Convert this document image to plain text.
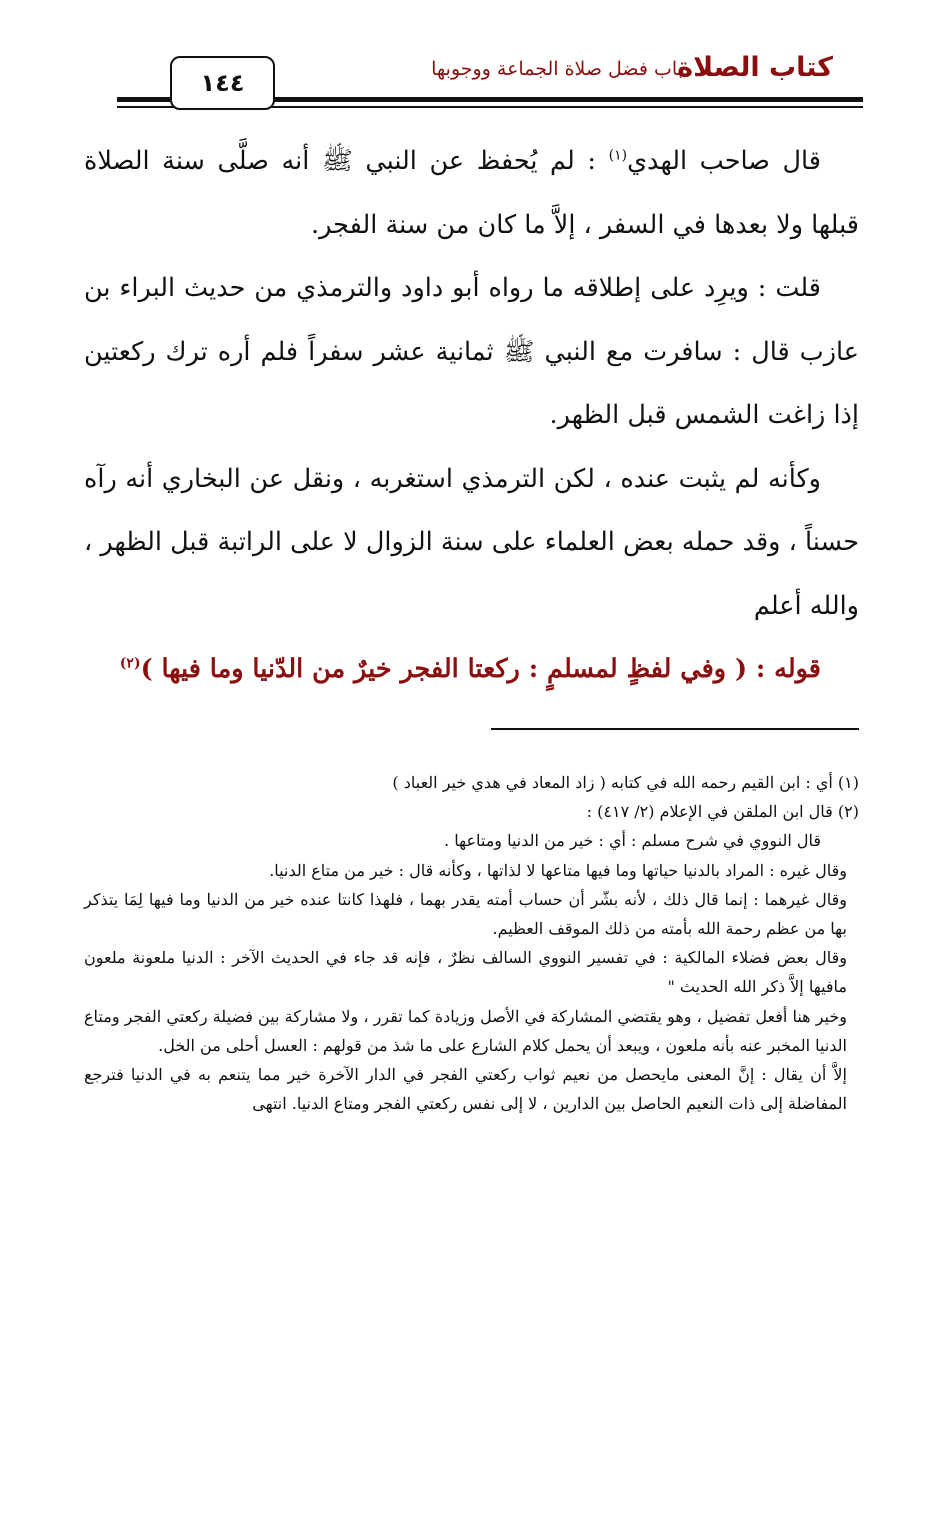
كتاب الصلاة
باب فضل صلاة الجماعة ووجوبها
١٤٤

قال صاحب الهدي$^{(١)}$ : لم يُحفظ عن النبي ﷺ أنه صلَّى سنة الصلاة قبلها ولا بعدها في السفر ، إلاَّ ما كان من سنة الفجر.

قلت : ويرِد على إطلاقه ما رواه أبو داود والترمذي من حديث البراء بن عازب قال : سافرت مع النبي ﷺ ثمانية عشر سفراً فلم أره ترك ركعتين إذا زاغت الشمس قبل الظهر.

وكأنه لم يثبت عنده ، لكن الترمذي استغربه ، ونقل عن البخاري أنه رآه حسناً ، وقد حمله بعض العلماء على سنة الزوال لا على الراتبة قبل الظهر ، والله أعلم

قوله : ( وفي لفظٍ لمسلمٍ : ركعتا الفجر خيرٌ من الدّنيا وما فيها )$^{(٢)}$

(١) أي : ابن القيم رحمه الله في كتابه ( زاد المعاد في هدي خير العباد )

(٢) قال ابن الملقن في الإعلام (٢/ ٤١٧) :

قال النووي في شرح مسلم : أي : خير من الدنيا ومتاعها .

وقال غيره : المراد بالدنيا حياتها وما فيها متاعها لا لذاتها ، وكأنه قال : خير من متاع الدنيا.

وقال غيرهما : إنما قال ذلك ، لأنه بشّر أن حساب أمته يقدر بهما ، فلهذا كانتا عنده خير من الدنيا وما فيها لِمَا يتذكر بها من عظم رحمة الله بأمته من ذلك الموقف العظيم.

وقال بعض فضلاء المالكية : في تفسير النووي السالف نظرٌ ، فإنه قد جاء في الحديث الآخر : الدنيا ملعونة ملعون مافيها إلاَّ ذكر الله الحديث "

وخير هنا أفعل تفضيل ، وهو يقتضي المشاركة في الأصل وزيادة كما تقرر ، ولا مشاركة بين فضيلة ركعتي الفجر ومتاع الدنيا المخبر عنه بأنه ملعون ، ويبعد أن يحمل كلام الشارع على ما شذ من قولهم : العسل أحلى من الخل.

إلاَّ أن يقال : إنَّ المعنى مايحصل من نعيم ثواب ركعتي الفجر في الدار الآخرة خير مما يتنعم به في الدنيا فترجع المفاضلة إلى ذات النعيم الحاصل بين الدارين ، لا إلى نفس ركعتي الفجر ومتاع الدنيا. انتهى
